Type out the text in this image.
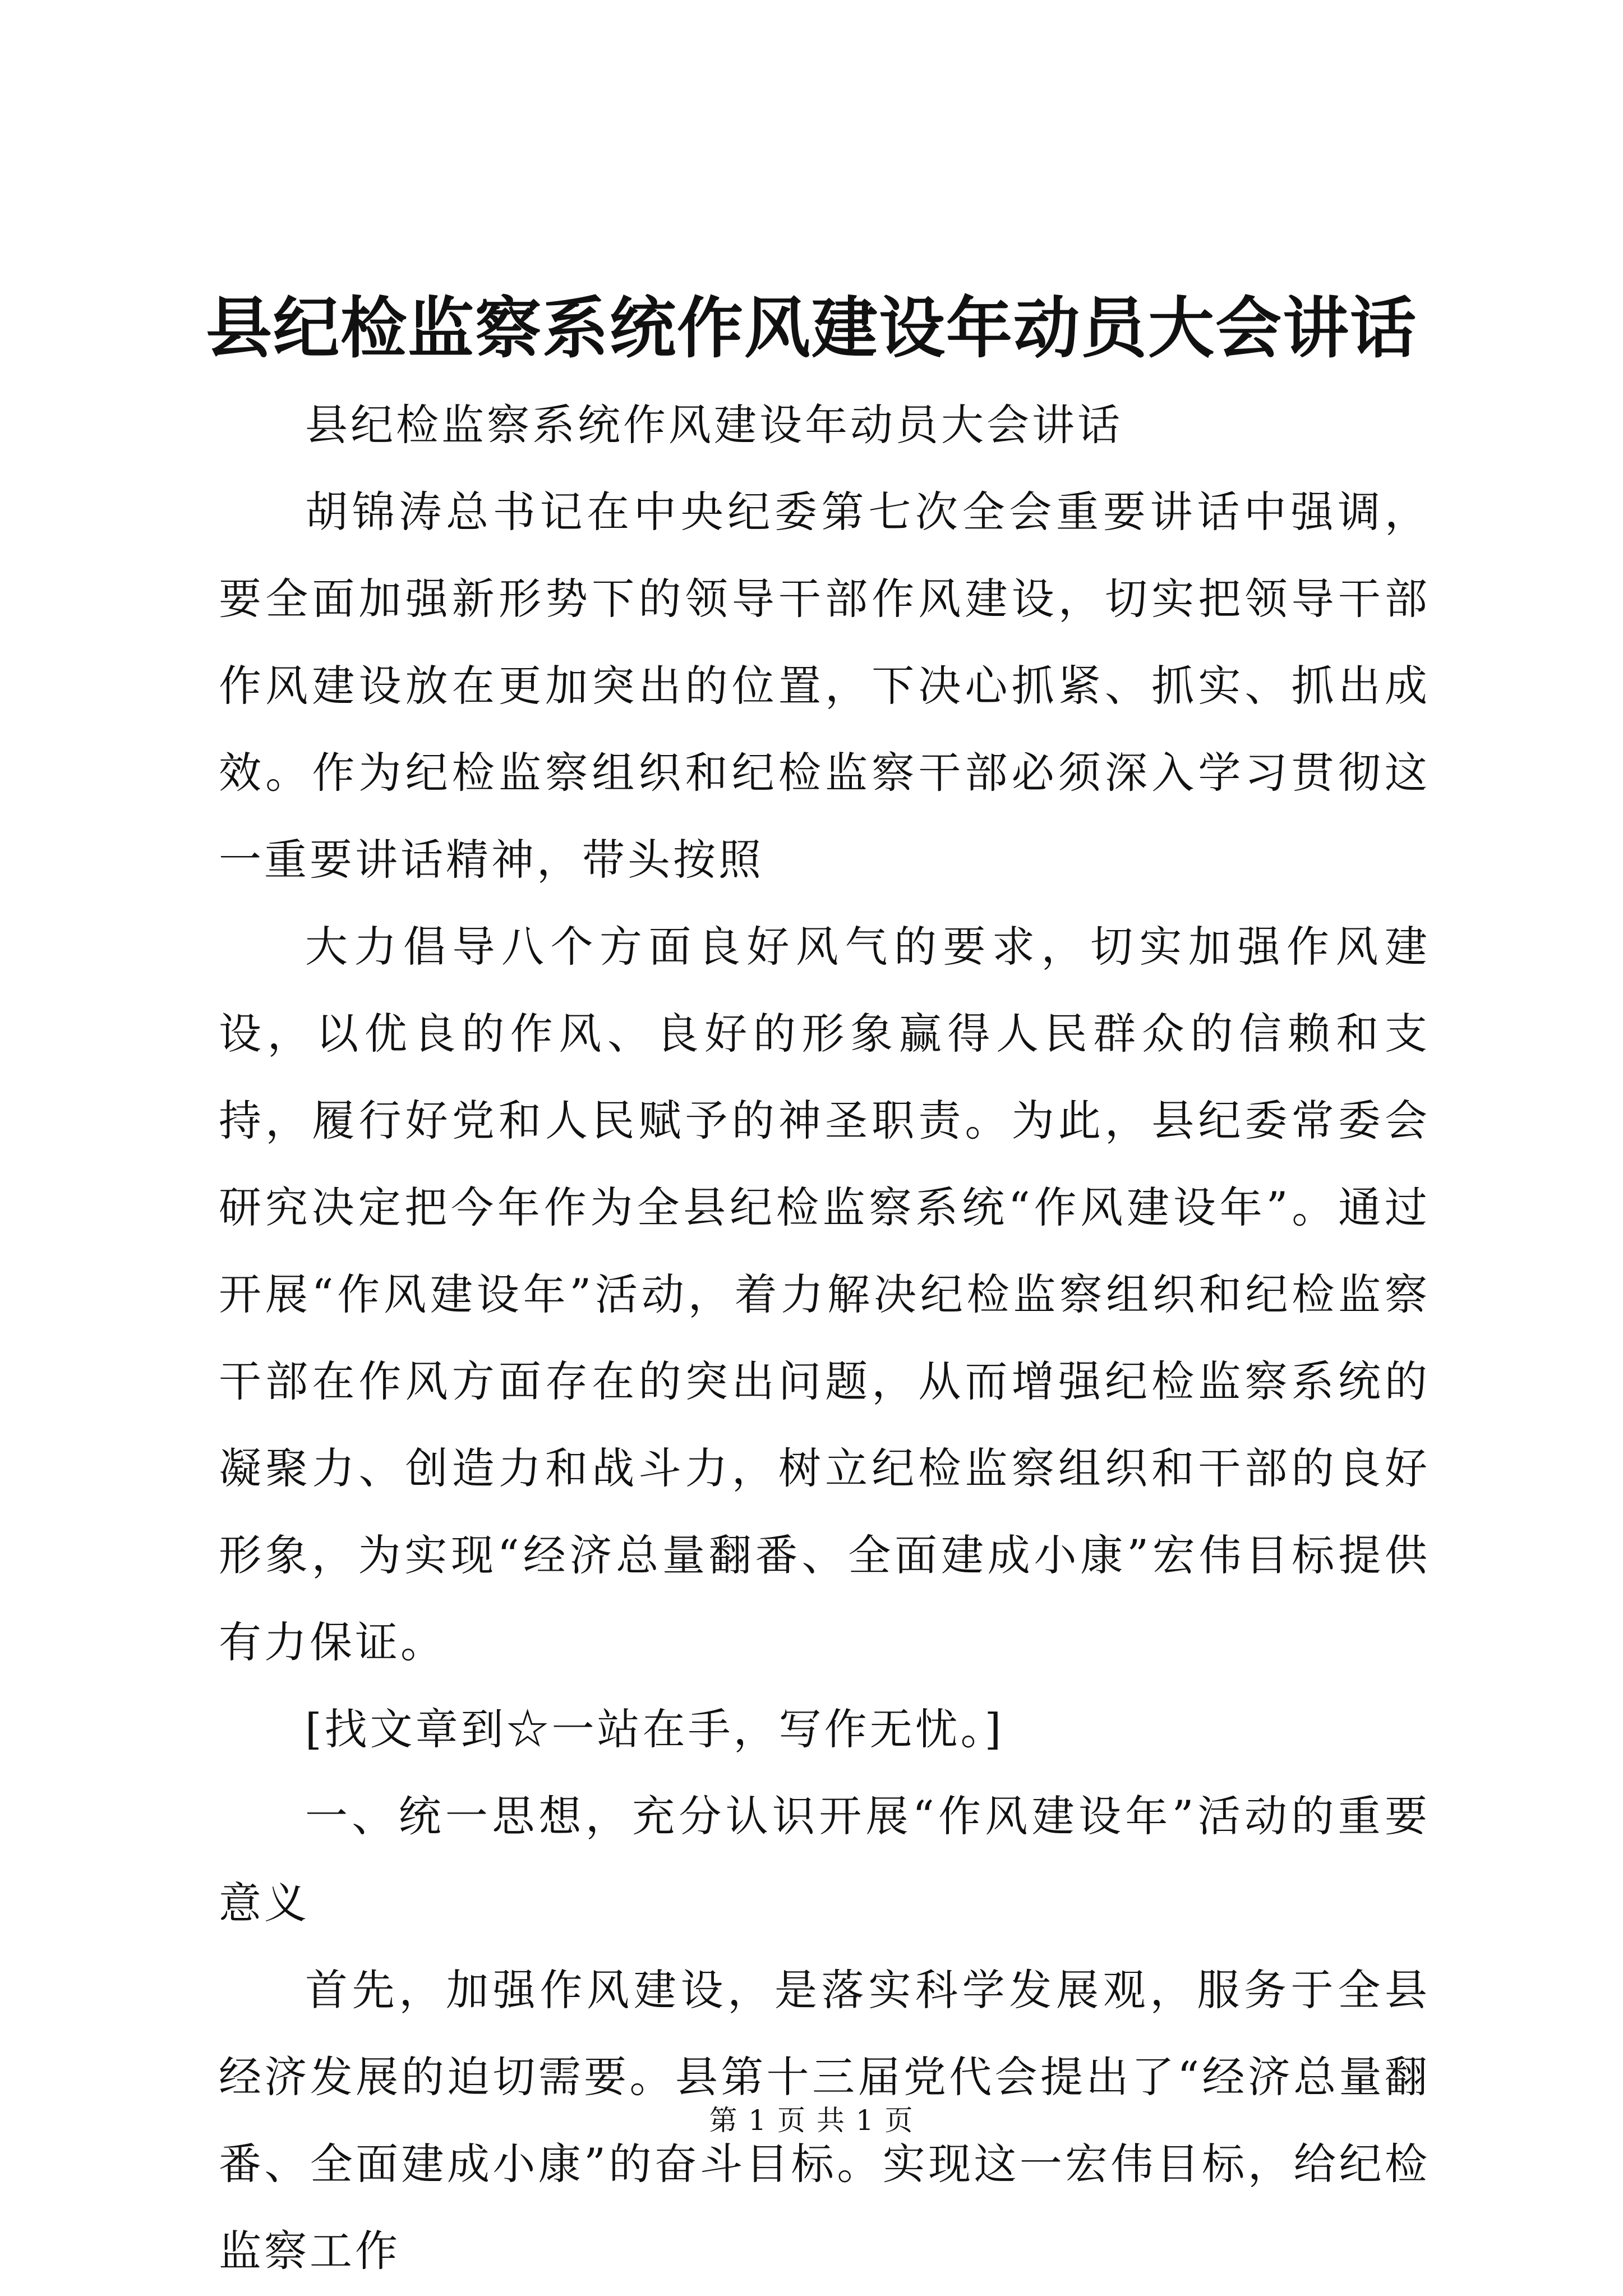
县纪检监察系统作风建设年动员大会讲话

县纪检监察系统作风建设年动员大会讲话

胡锦涛总书记在中央纪委第七次全会重要讲话中强调，要全面加强新形势下的领导干部作风建设，切实把领导干部作风建设放在更加突出的位置，下决心抓紧、抓实、抓出成效。作为纪检监察组织和纪检监察干部必须深入学习贯彻这一重要讲话精神，带头按照

大力倡导八个方面良好风气的要求，切实加强作风建设，以优良的作风、良好的形象赢得人民群众的信赖和支持，履行好党和人民赋予的神圣职责。为此，县纪委常委会研究决定把今年作为全县纪检监察系统“作风建设年”。通过开展“作风建设年”活动，着力解决纪检监察组织和纪检监察干部在作风方面存在的突出问题，从而增强纪检监察系统的凝聚力、创造力和战斗力，树立纪检监察组织和干部的良好形象，为实现“经济总量翻番、全面建成小康”宏伟目标提供有力保证。

[找文章到☆一站在手，写作无忧。]

一、统一思想，充分认识开展“作风建设年”活动的重要意义

首先，加强作风建设，是落实科学发展观，服务于全县经济发展的迫切需要。县第十三届党代会提出了“经济总量翻番、全面建成小康”的奋斗目标。实现这一宏伟目标，给纪检监察工作

第 1 页 共 1 页
